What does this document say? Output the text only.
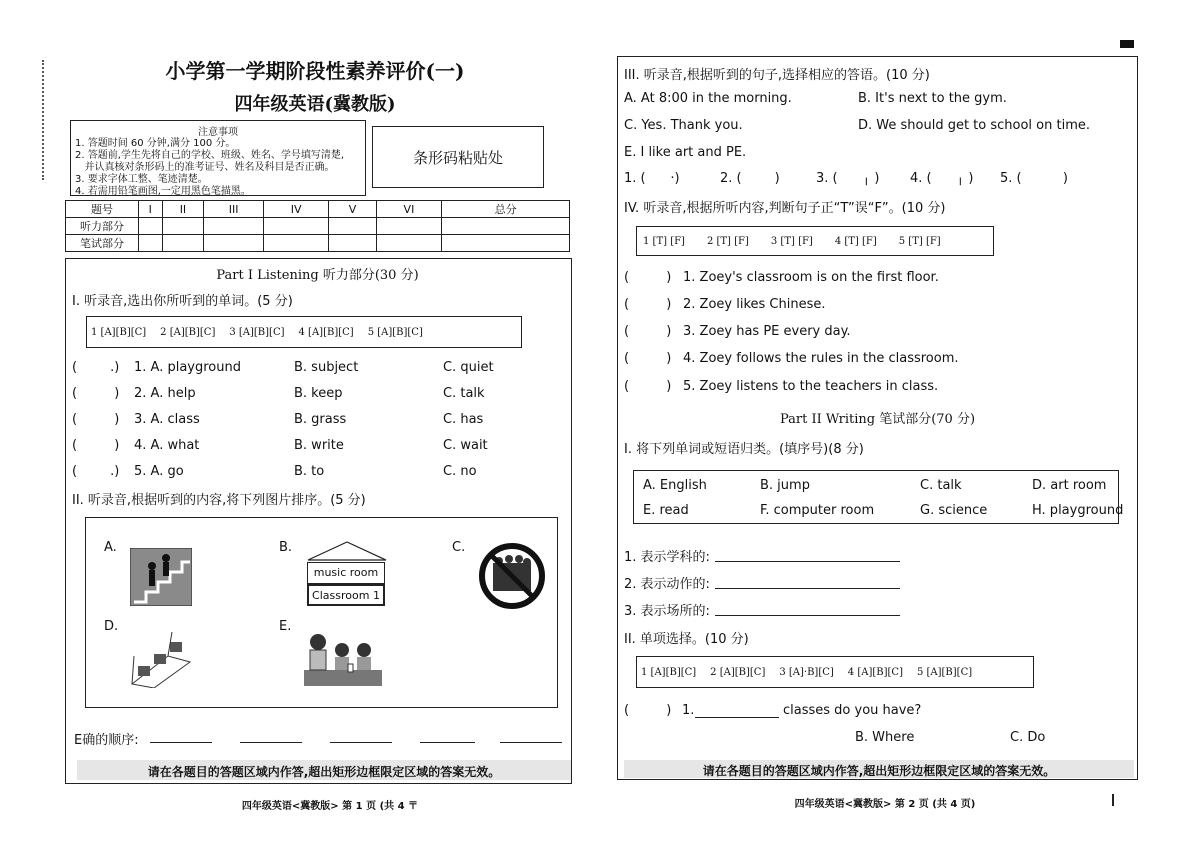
小学第一学期阶段性素养评价(一)
四年级英语(冀教版)
注意事项
1. 答题时间 60 分钟,满分 100 分。
2. 答题前,学生先将自己的学校、班级、姓名、学号填写清楚,
并认真核对条形码上的准考证号、姓名及科目是否正确。
3. 要求字体工整、笔迹清楚。
4. 若需用铅笔画图,一定用黑色笔描黑。
条形码粘贴处
题号	I	II	III	IV	V	VI	总分
听力部分							
笔试部分							
Part I Listening 听力部分(30 分)
I. 听录音,选出你所听到的单词。(5 分)
1 [A][B][C] 2 [A][B][C] 3 [A][B][C] 4 [A][B][C] 5 [A][B][C]
(        .) 1. A. playground	B. subject	C. quiet
(         ) 2. A. help	B. keep	C. talk
(         ) 3. A. class	B. grass	C. has
(         ) 4. A. what	B. write	C. wait
(        .) 5. A. go	B. to	C. no
II. 听录音,根据听到的内容,将下列图片排序。(5 分)
A.	B.	C.
D.	E.
music room
Classroom 1
E确的顺序:
请在各题目的答题区域内作答,超出矩形边框限定区域的答案无效。
四年级英语<冀教版> 第 1 页 (共 4 〒
III. 听录音,根据听到的句子,选择相应的答语。(10 分)
A. At 8:00 in the morning.	B. It's next to the gym.
C. Yes. Thank you.	D. We should get to school on time.
E. I like art and PE.
1. (      ‧)	2. (        )	3. (      ╷ ) 4. (      ╷ ) 5. (          )
IV. 听录音,根据所听内容,判断句子正“T”误“F”。(10 分)
1 [T] [F] 2 [T] [F] 3 [T] [F] 4 [T] [F] 5 [T] [F]
(         ) 1. Zoey's classroom is on the first floor.
(         ) 2. Zoey likes Chinese.
(         ) 3. Zoey has PE every day.
(         ) 4. Zoey follows the rules in the classroom.
(         ) 5. Zoey listens to the teachers in class.
Part II Writing 笔试部分(70 分)
I. 将下列单词或短语归类。(填序号)(8 分)
A. English	B. jump	C. talk	D. art room
E. read	F. computer room	G. science	H. playground
1. 表示学科的:
2. 表示动作的:
3. 表示场所的:
II. 单项选择。(10 分)
1 [A][B][C] 2 [A][B][C] 3 [A]·B][C] 4 [A][B][C] 5 [A][B][C]
(         ) 1.	classes do you have?
B. Where	C. Do
请在各题目的答题区域内作答,超出矩形边框限定区域的答案无效。
四年级英语<冀教版> 第 2 页 (共 4 页)
